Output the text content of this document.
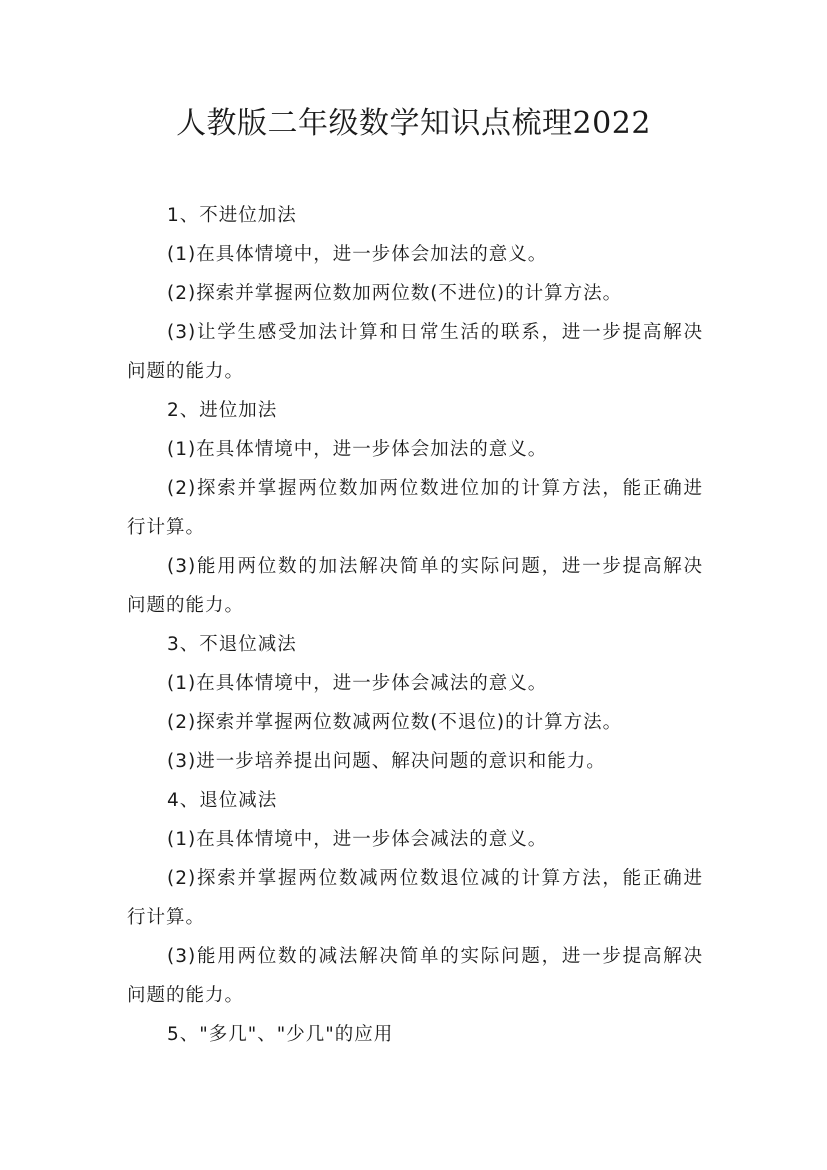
人教版二年级数学知识点梳理2022

1、不进位加法

(1)在具体情境中，进一步体会加法的意义。

(2)探索并掌握两位数加两位数(不进位)的计算方法。

(3)让学生感受加法计算和日常生活的联系，进一步提高解决问题的能力。

2、进位加法

(1)在具体情境中，进一步体会加法的意义。

(2)探索并掌握两位数加两位数进位加的计算方法，能正确进行计算。

(3)能用两位数的加法解决简单的实际问题，进一步提高解决问题的能力。

3、不退位减法

(1)在具体情境中，进一步体会减法的意义。

(2)探索并掌握两位数减两位数(不退位)的计算方法。

(3)进一步培养提出问题、解决问题的意识和能力。

4、退位减法

(1)在具体情境中，进一步体会减法的意义。

(2)探索并掌握两位数减两位数退位减的计算方法，能正确进行计算。

(3)能用两位数的减法解决简单的实际问题，进一步提高解决问题的能力。

5、"多几"、"少几"的应用
